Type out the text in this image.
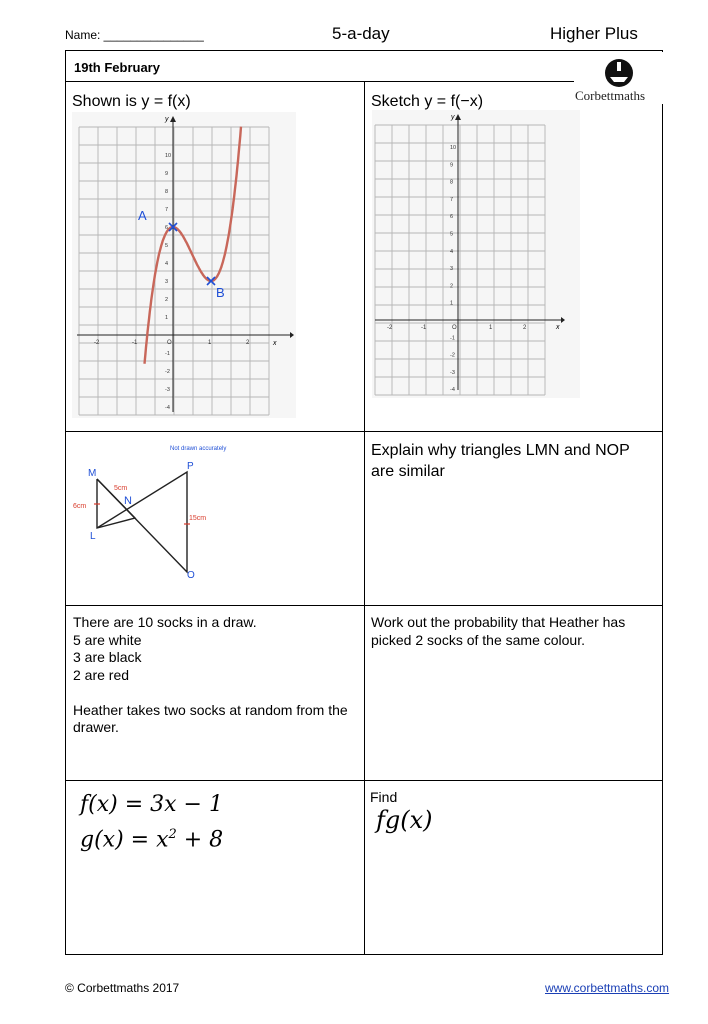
Name: _______________	5-a-day	Higher Plus
19th February
Corbettmaths
Shown is y = f(x)
x
y
-2	-1	O	1	2
10
9
8
7
6
5
4
3
2
1
-1
-2
-3
-4
A
B
Sketch y = f(−x)
x
y
-2	-1	O	1	2
10
9
8
7
6
5
4
3
2
1
-1
-2
-3
-4
Not drawn accurately
M
N
L
P
O
5cm
6cm
15cm
Explain why triangles LMN and NOP are similar
There are 10 socks in a draw.
5 are white
3 are black
2 are red
Heather takes two socks at random from the drawer.
Work out the probability that Heather has picked 2 socks of the same colour.
f(x) = 3x − 1
$g(x) = x^2 + 8$
Find
fg(x)
© Corbettmaths 2017	www.corbettmaths.com
